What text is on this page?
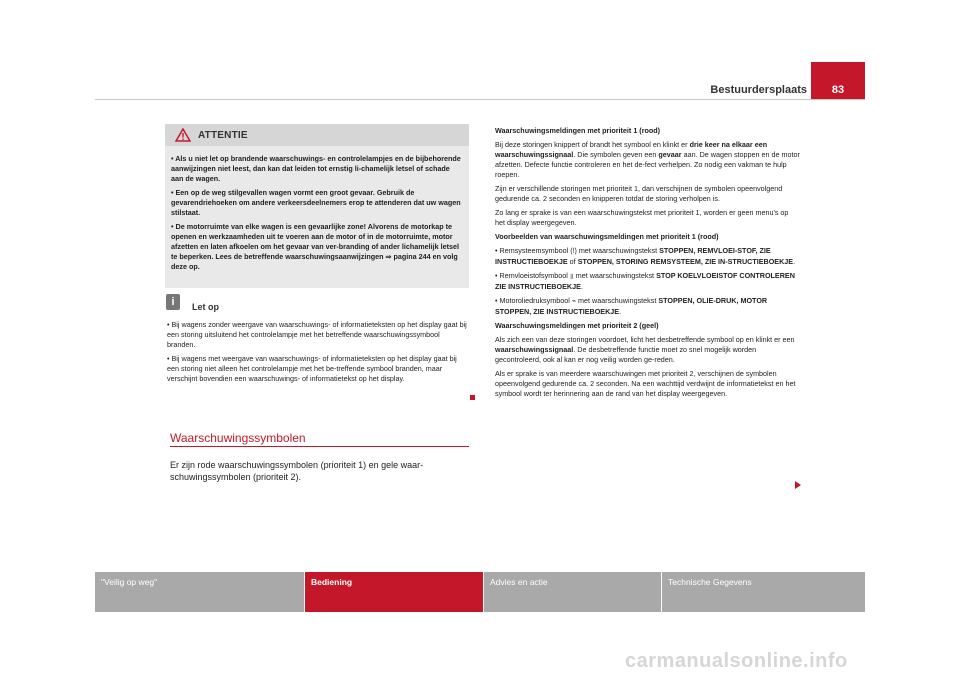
83
Bestuurdersplaats
ATTENTIE

• Als u niet let op brandende waarschuwings- en controlelampjes en de bijbehorende aanwijzingen niet leest, dan kan dat leiden tot ernstig li-chamelijk letsel of schade aan de wagen.

• Een op de weg stilgevallen wagen vormt een groot gevaar. Gebruik de gevarendriehoeken om andere verkeersdeelnemers erop te attenderen dat uw wagen stilstaat.

• De motorruimte van elke wagen is een gevaarlijke zone! Alvorens de motorkap te openen en werkzaamheden uit te voeren aan de motor of in de motorruimte, motor afzetten en laten afkoelen om het gevaar van ver-branding of ander lichamelijk letsel te beperken. Lees de betreffende waarschuwingsaanwijzingen ⇒ pagina 244 en volg deze op.

i	Let op

• Bij wagens zonder weergave van waarschuwings- of informatieteksten op het display gaat bij een storing uitsluitend het controlelampje met het betreffende waarschuwingssymbool branden.

• Bij wagens met weergave van waarschuwings- of informatieteksten op het display gaat bij een storing niet alleen het controlelampje met het be-treffende symbool branden, maar verschijnt bovendien een waarschuwings- of informatietekst op het display.

Waarschuwingssymbolen
Er zijn rode waarschuwingssymbolen (prioriteit 1) en gele waar-schuwingssymbolen (prioriteit 2).

Waarschuwingsmeldingen met prioriteit 1 (rood)

Bij deze storingen knippert of brandt het symbool en klinkt er drie keer na elkaar een waarschuwingssignaal. Die symbolen geven een gevaar aan. De wagen stoppen en de motor afzetten. Defecte functie controleren en het de-fect verhelpen. Zo nodig een vakman te hulp roepen.

Zijn er verschillende storingen met prioriteit 1, dan verschijnen de symbolen opeenvolgend gedurende ca. 2 seconden en knipperen totdat de storing verholpen is.

Zo lang er sprake is van een waarschuwingstekst met prioriteit 1, worden er geen menu's op het display weergegeven.

Voorbeelden van waarschuwingsmeldingen met prioriteit 1 (rood)

• Remsysteemsymbool (!) met waarschuwingstekst STOPPEN, REMVLOEI-STOF, ZIE INSTRUCTIEBOEKJE of STOPPEN, STORING REMSYSTEEM, ZIE IN-STRUCTIEBOEKJE.

• Remvloeistofsymbool ⫫ met waarschuwingstekst STOP KOELVLOEISTOF CONTROLEREN ZIE INSTRUCTIEBOEKJE.

• Motoroliedruksymbool ⌁ met waarschuwingstekst STOPPEN, OLIE-DRUK, MOTOR STOPPEN, ZIE INSTRUCTIEBOEKJE.

Waarschuwingsmeldingen met prioriteit 2 (geel)

Als zich een van deze storingen voordoet, licht het desbetreffende symbool op en klinkt er een waarschuwingssignaal. De desbetreffende functie moet zo snel mogelijk worden gecontroleerd, ook al kan er nog veilig worden ge-reden.

Als er sprake is van meerdere waarschuwingen met prioriteit 2, verschijnen de symbolen opeenvolgend gedurende ca. 2 seconden. Na een wachttijd verdwijnt de informatietekst en het symbool wordt ter herinnering aan de rand van het display weergegeven.

"Veilig op weg"	Bediening	Advies en actie	Technische Gegevens
carmanualsonline.info
